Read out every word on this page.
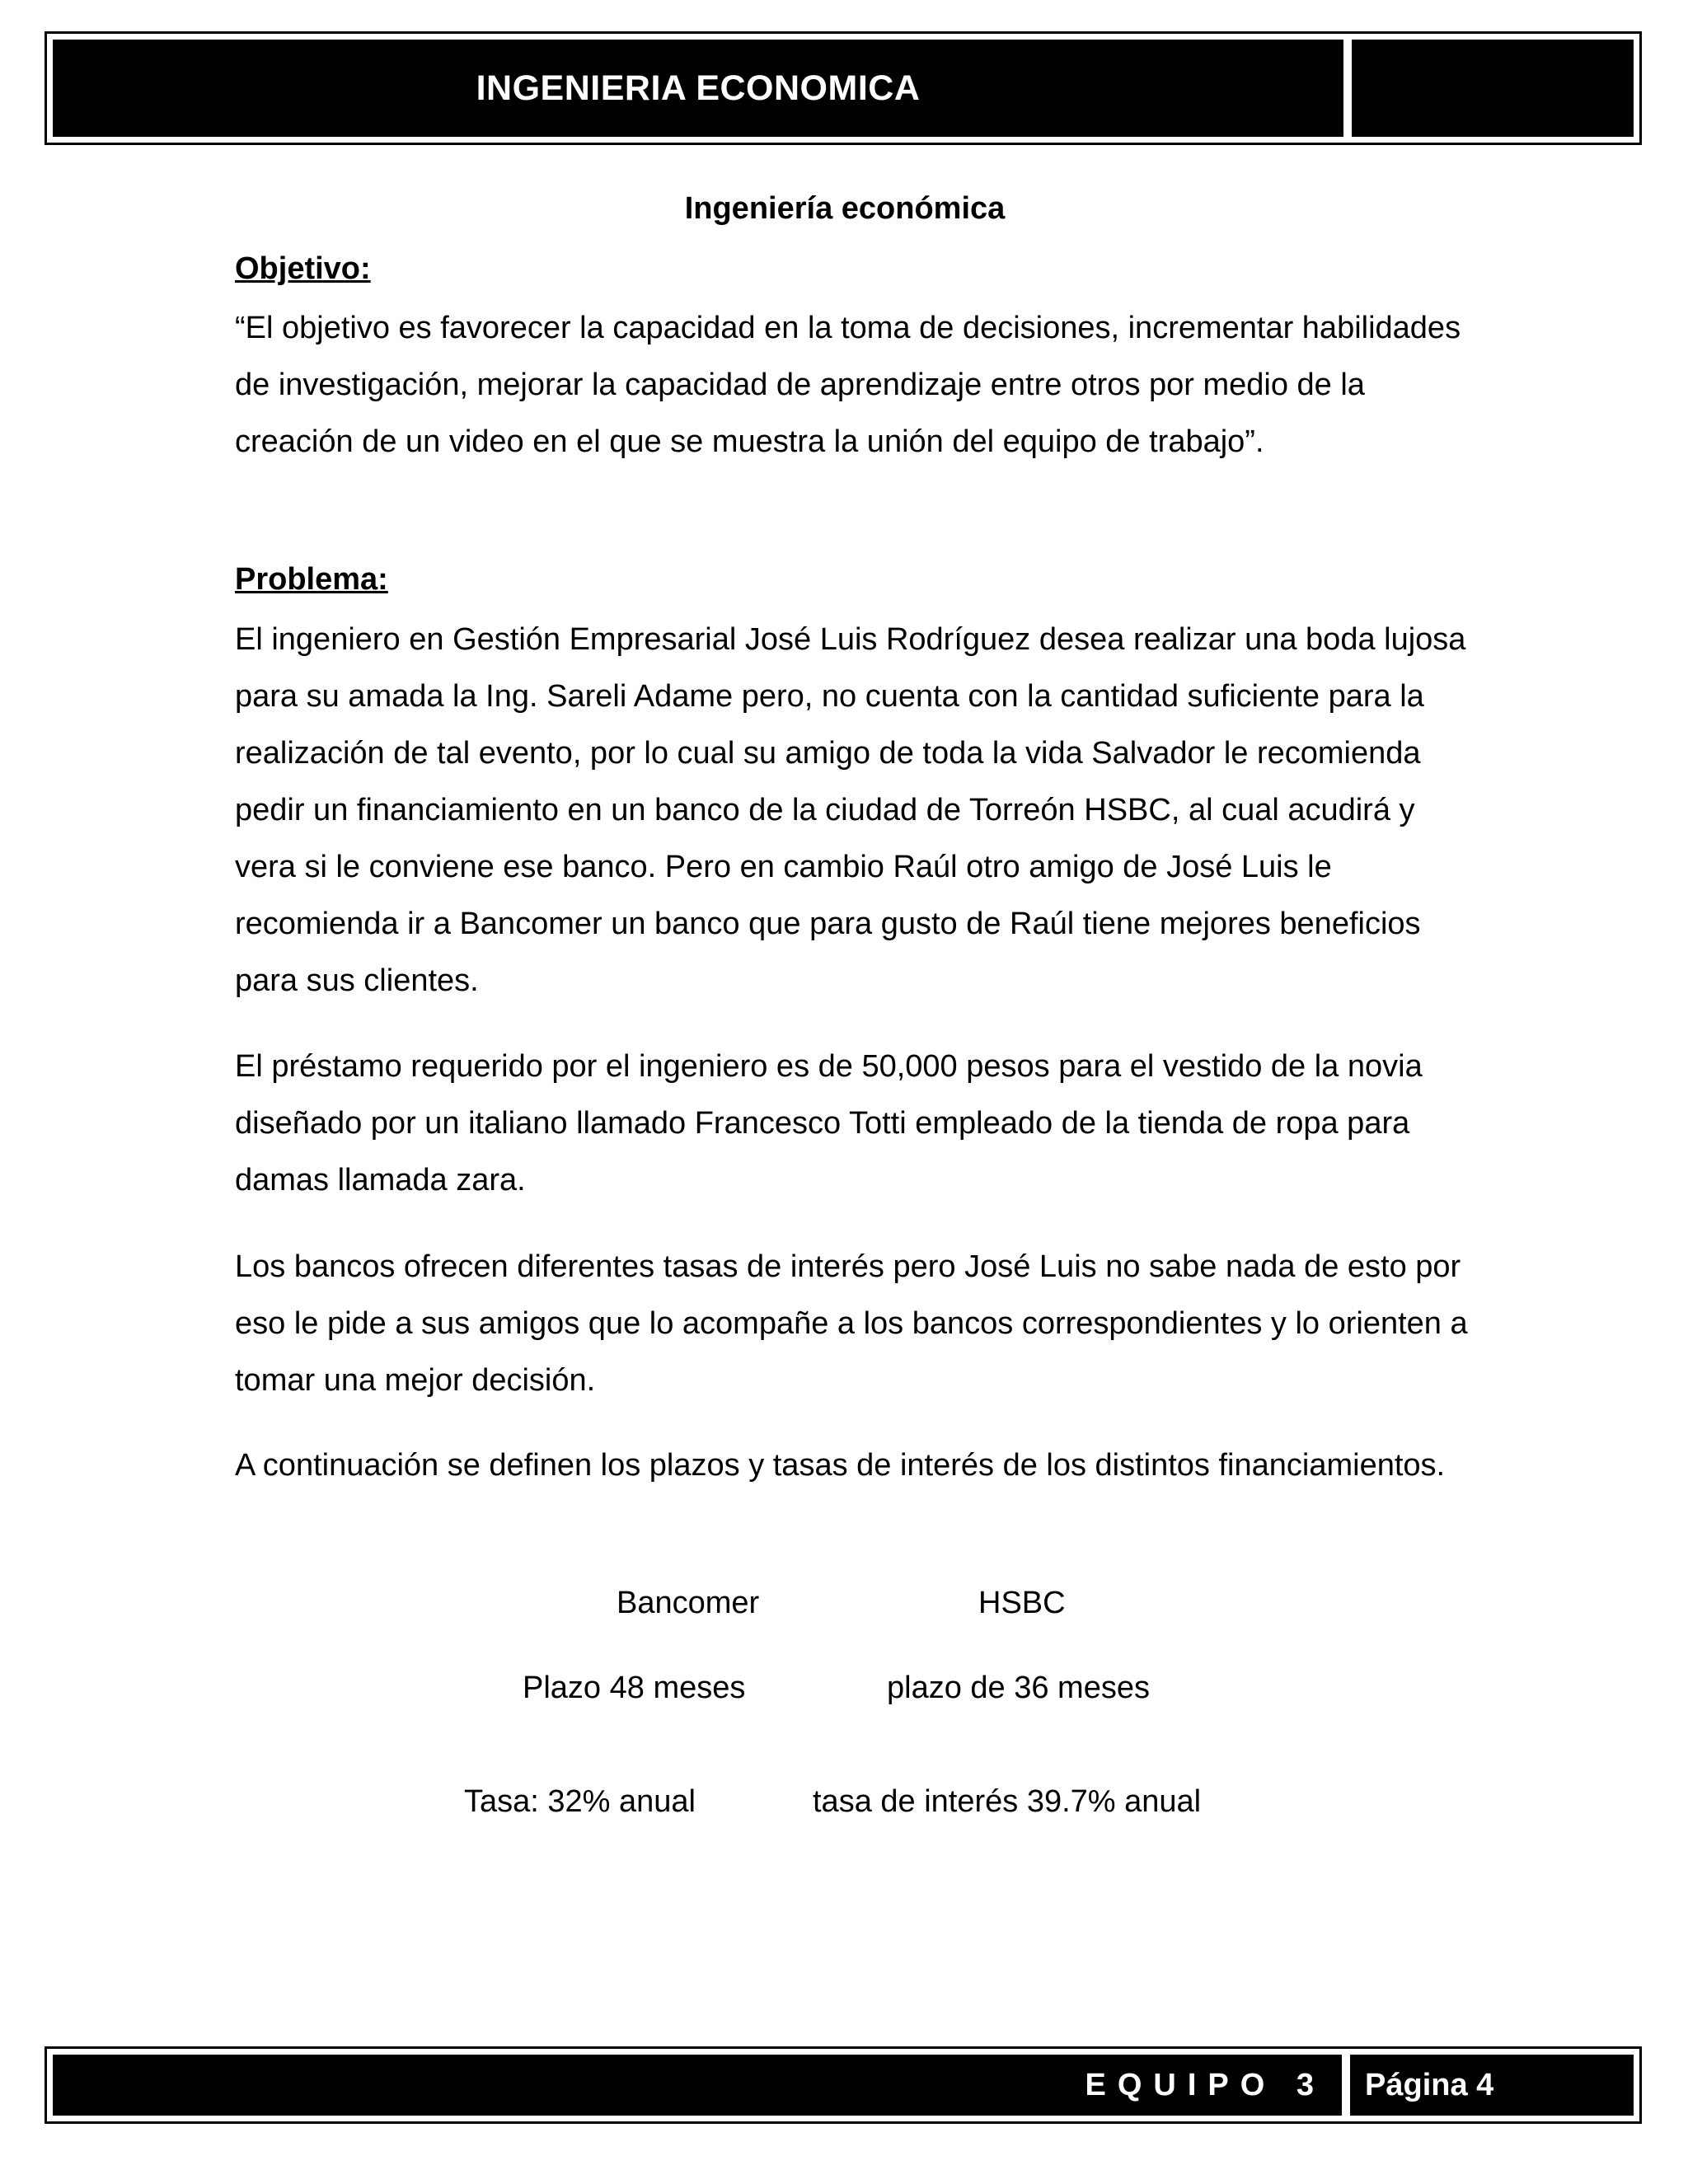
INGENIERIA ECONOMICA
Ingeniería económica
Objetivo:

“El objetivo es favorecer la capacidad en la toma de decisiones, incrementar habilidades de investigación, mejorar la capacidad de aprendizaje entre otros por medio de la creación de un video en el que se muestra la unión del equipo de trabajo”.

Problema:

El ingeniero en Gestión Empresarial José Luis Rodríguez desea realizar una boda lujosa para su amada la Ing. Sareli Adame pero, no cuenta con la cantidad suficiente para la realización de tal evento, por lo cual su amigo de toda la vida Salvador le recomienda pedir un financiamiento en un banco de la ciudad de Torreón HSBC, al cual acudirá y vera si le conviene ese banco. Pero en cambio Raúl otro amigo de José Luis le recomienda ir a Bancomer un banco que para gusto de Raúl tiene mejores beneficios para sus clientes.

El préstamo requerido por el ingeniero es de 50,000 pesos para el vestido de la novia diseñado por un italiano llamado Francesco Totti empleado de la tienda de ropa para damas llamada zara.

Los bancos ofrecen diferentes tasas de interés pero José Luis no sabe nada de esto por eso le pide a sus amigos que lo acompañe a los bancos correspondientes y lo orienten a tomar una mejor decisión.

A continuación se definen los plazos y tasas de interés de los distintos financiamientos.

Bancomer	HSBC
Plazo 48 meses	plazo de 36 meses
Tasa: 32% anual	tasa de interés 39.7% anual
EQUIPO 3 Página 4
